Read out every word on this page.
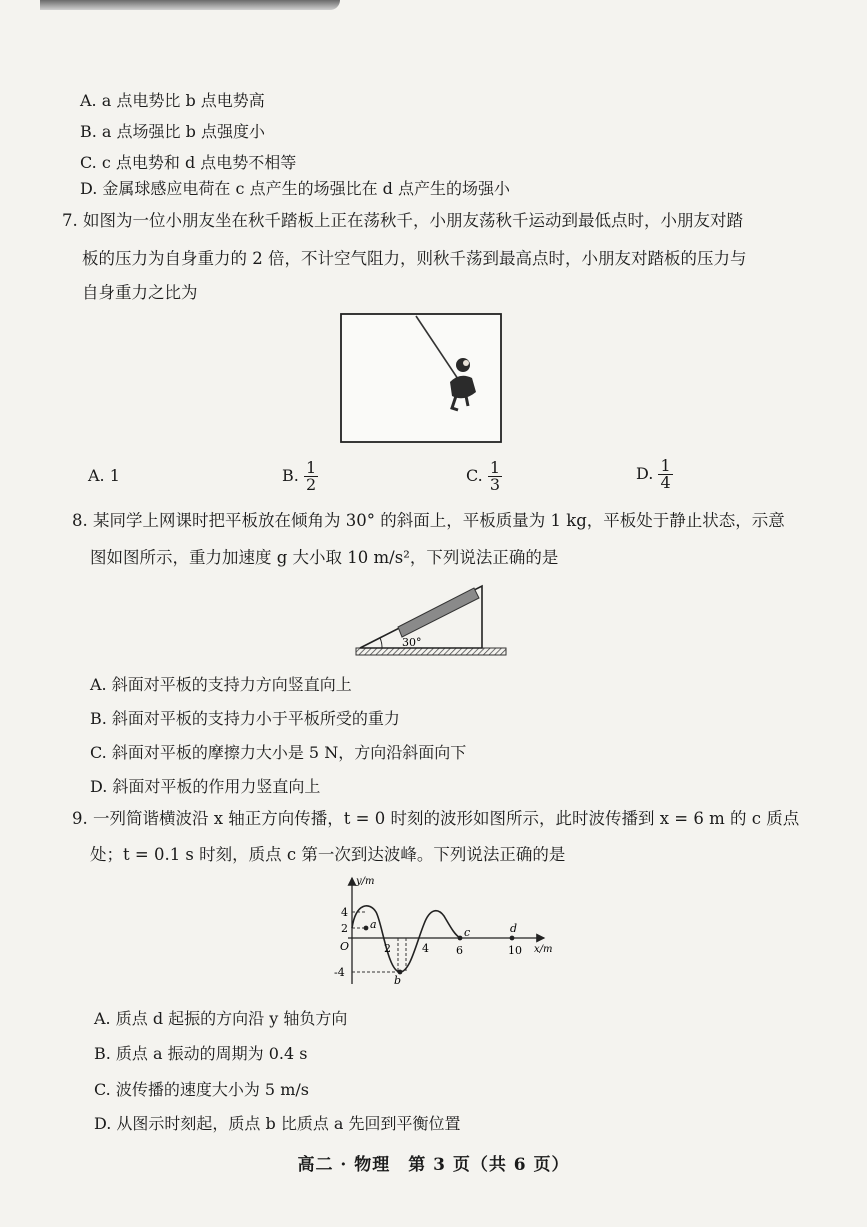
A. a 点电势比 b 点电势高
B. a 点场强比 b 点强度小
C. c 点电势和 d 点电势不相等
D. 金属球感应电荷在 c 点产生的场强比在 d 点产生的场强小
7. 如图为一位小朋友坐在秋千踏板上正在荡秋千，小朋友荡秋千运动到最低点时，小朋友对踏
板的压力为自身重力的 2 倍，不计空气阻力，则秋千荡到最高点时，小朋友对踏板的压力与
自身重力之比为
A. 1	B. $\frac{1}{2}$	C. $\frac{1}{3}$	D. $\frac{1}{4}$
8. 某同学上网课时把平板放在倾角为 30° 的斜面上，平板质量为 1 kg，平板处于静止状态，示意
图如图所示，重力加速度 g 大小取 10 m/s²，下列说法正确的是
30°
A. 斜面对平板的支持力方向竖直向上
B. 斜面对平板的支持力小于平板所受的重力
C. 斜面对平板的摩擦力大小是 5 N，方向沿斜面向下
D. 斜面对平板的作用力竖直向上
9. 一列简谐横波沿 x 轴正方向传播，t = 0 时刻的波形如图所示，此时波传播到 x = 6 m 的 c 质点
处；t = 0.1 s 时刻，质点 c 第一次到达波峰。下列说法正确的是
y/m
x/m
O
4
2
-4
2	4 6	10
a
b
c	d
A. 质点 d 起振的方向沿 y 轴负方向
B. 质点 a 振动的周期为 0.4 s
C. 波传播的速度大小为 5 m/s
D. 从图示时刻起，质点 b 比质点 a 先回到平衡位置
高二 · 物理　第 3 页（共 6 页）
